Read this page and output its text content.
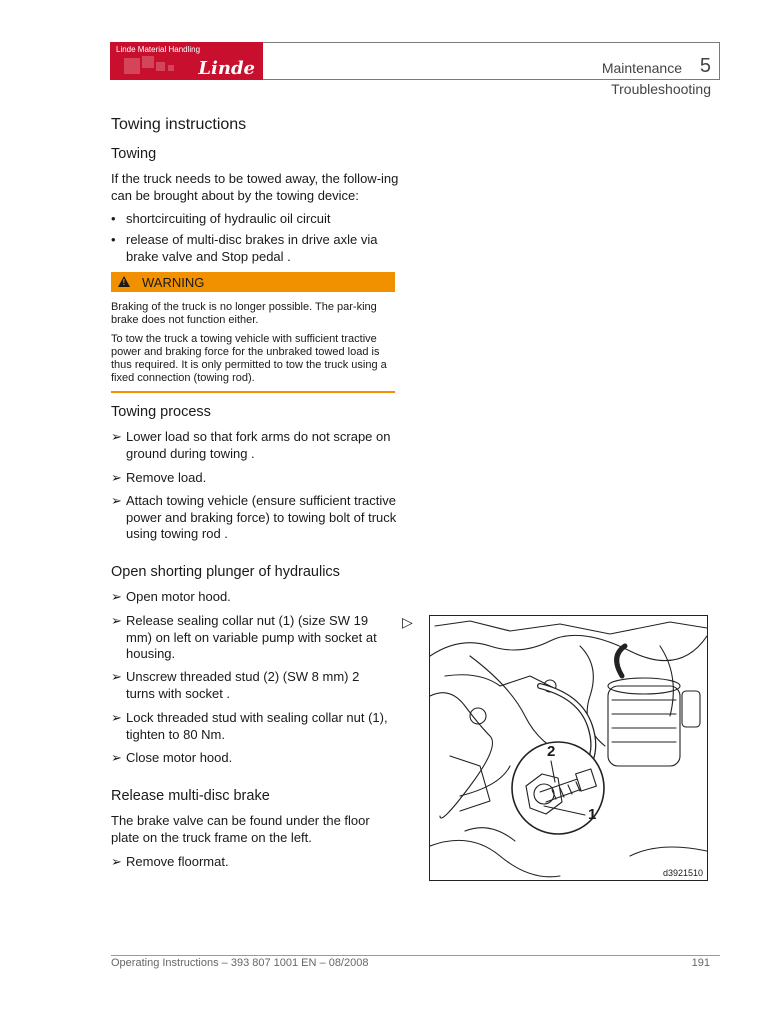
Linde Material Handling
Linde	Maintenance 5
Troubleshooting
Towing instructions
Towing
If the truck needs to be towed away, the follow-ing can be brought about by the towing device:
• shortcircuiting of hydraulic oil circuit
• release of multi-disc brakes in drive axle via brake valve and Stop pedal .
! WARNING
Braking of the truck is no longer possible. The par-king brake does not function either.
To tow the truck a towing vehicle with sufficient tractive power and braking force for the unbraked towed load is thus required. It is only permitted to tow the truck using a fixed connection (towing rod).
Towing process
➢ Lower load so that fork arms do not scrape on ground during towing .
➢ Remove load.
➢ Attach towing vehicle (ensure sufficient tractive power and braking force) to towing bolt of truck using towing rod .
Open shorting plunger of hydraulics
➢ Open motor hood.
➢ Release sealing collar nut (1) (size SW 19 mm) on left on variable pump with socket at housing.
➢ Unscrew threaded stud (2) (SW 8 mm) 2 turns with socket .
➢ Lock threaded stud with sealing collar nut (1), tighten to 80 Nm.
➢ Close motor hood.
Release multi-disc brake
The brake valve can be found under the floor plate on the truck frame on the left.
➢ Remove floormat.
▷
2
1
d3921510
Operating Instructions – 393 807 1001 EN – 08/2008	191
